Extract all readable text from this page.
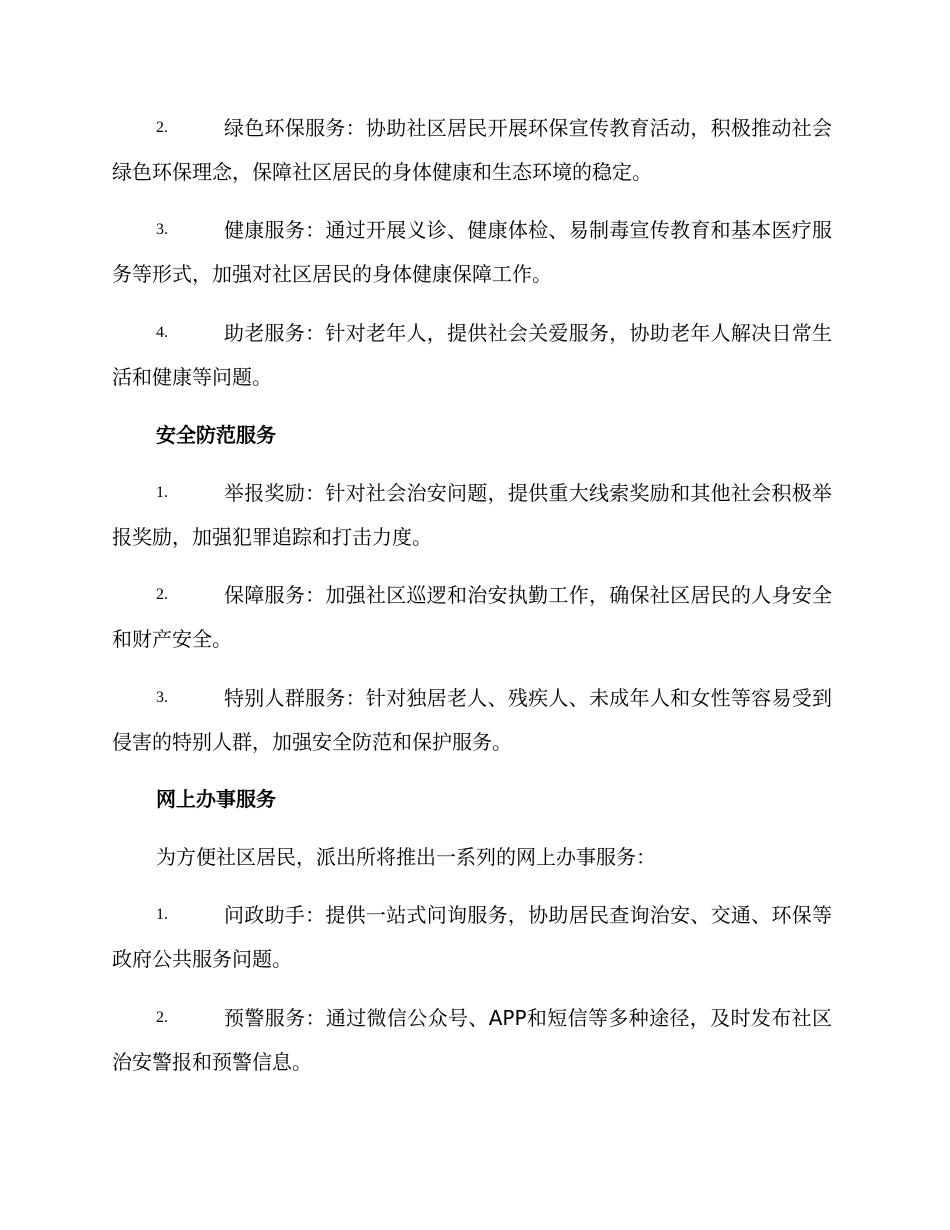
2.	绿色环保服务：协助社区居民开展环保宣传教育活动，积极推动社会绿色环保理念，保障社区居民的身体健康和生态环境的稳定。
3.	健康服务：通过开展义诊、健康体检、易制毒宣传教育和基本医疗服务等形式，加强对社区居民的身体健康保障工作。
4.	助老服务：针对老年人，提供社会关爱服务，协助老年人解决日常生活和健康等问题。
安全防范服务
1.	举报奖励：针对社会治安问题，提供重大线索奖励和其他社会积极举报奖励，加强犯罪追踪和打击力度。
2.	保障服务：加强社区巡逻和治安执勤工作，确保社区居民的人身安全和财产安全。
3.	特别人群服务：针对独居老人、残疾人、未成年人和女性等容易受到侵害的特别人群，加强安全防范和保护服务。
网上办事服务
为方便社区居民，派出所将推出一系列的网上办事服务：
1.	问政助手：提供一站式问询服务，协助居民查询治安、交通、环保等政府公共服务问题。
2.	预警服务：通过微信公众号、APP和短信等多种途径，及时发布社区治安警报和预警信息。
